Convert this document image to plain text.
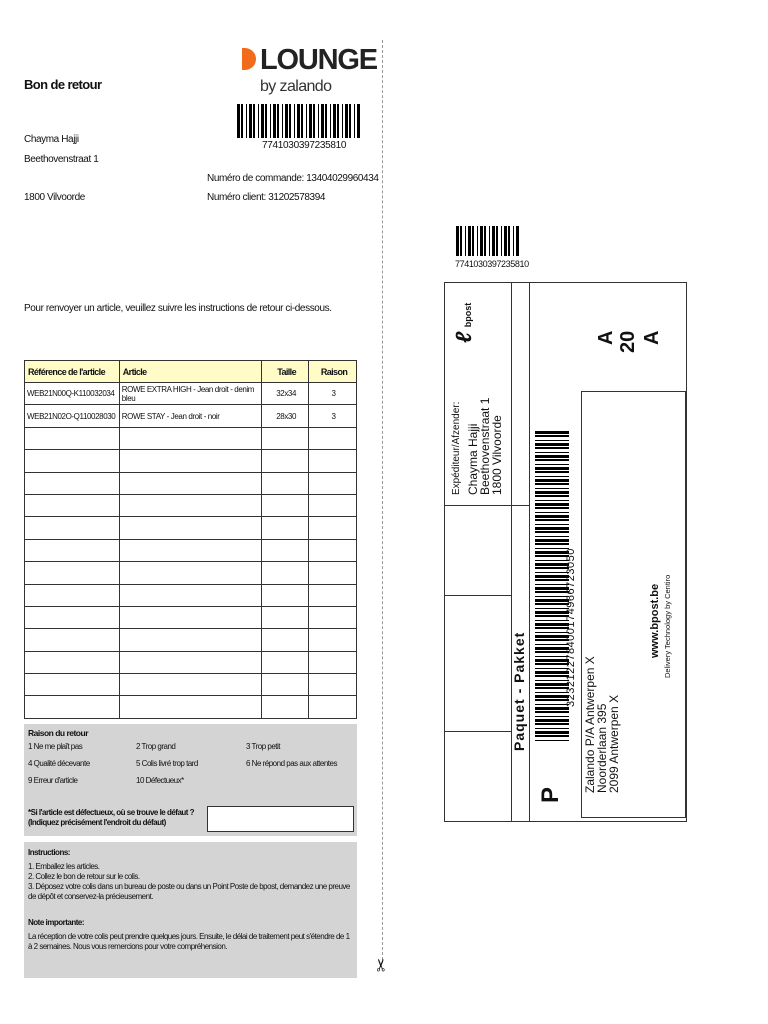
Bon de retour
LOUNGE
by zalando
7741030397235810
Chayma Hajji
Beethovenstraat 1
1800 Vilvoorde
Numéro de commande: 13404029960434
Numéro client: 31202578394
Pour renvoyer un article, veuillez suivre les instructions de retour ci-dessous.
Référence de l'article	Article	Taille	Raison
WEB21N00Q-K110032034	ROWE EXTRA HIGH - Jean droit - denim bleu	32x34	3
WEB21N02O-Q110028030	ROWE STAY - Jean droit - noir	28x30	3

Raison du retour
1 Ne me plaît pas	2 Trop grand	3 Trop petit
4 Qualité décevante	5 Colis livré trop tard	6 Ne répond pas aux attentes
9 Erreur d'article	10 Défectueux*
*Si l'article est défectueux, où se trouve le défaut ? (Indiquez précisément l'endroit du défaut)
Instructions:
1. Emballez les articles.
2. Collez le bon de retour sur le colis.
3. Déposez votre colis dans un bureau de poste ou dans un Point Poste de bpost, demandez une preuve de dépôt et conservez-la précieusement.
Note importante:
La réception de votre colis peut prendre quelques jours. Ensuite, le délai de traitement peut s'étendre de 1 à 2 semaines. Nous vous remercions pour votre compréhension.
✂
7741030397235810
ℓ bpost
Expéditeur/Afzender: Chayma Hajji
Beethovenstraat 1
1800 Vilvoorde
Paquet - Pakket
P
323212278400174966723050
Zalando P/A Antwerpen X
Noorderlaan 395
2099 Antwerpen X
A 20 A
www.bpost.be Delivery Technology by Centiro
